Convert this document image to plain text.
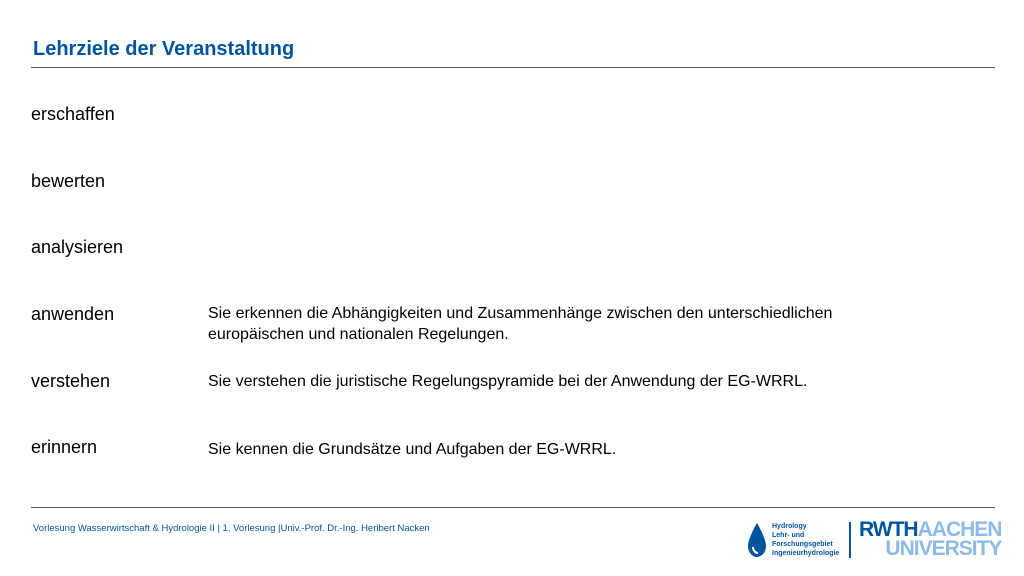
Lehrziele der Veranstaltung
erschaffen
bewerten
analysieren
anwenden
verstehen
erinnern
Sie erkennen die Abhängigkeiten und Zusammenhänge zwischen den unterschiedlichen europäischen und nationalen Regelungen.
Sie verstehen die juristische Regelungspyramide bei der Anwendung der EG-WRRL.
Sie kennen die Grundsätze und Aufgaben der EG-WRRL.
Vorlesung Wasserwirtschaft & Hydrologie II | 1. Vorlesung |Univ.-Prof. Dr.-Ing. Heribert Nacken	Hydrology
Lehr- und
Forschungsgebiet
Ingenieurhydrologie
RWTHAACHEN
UNIVERSITY
